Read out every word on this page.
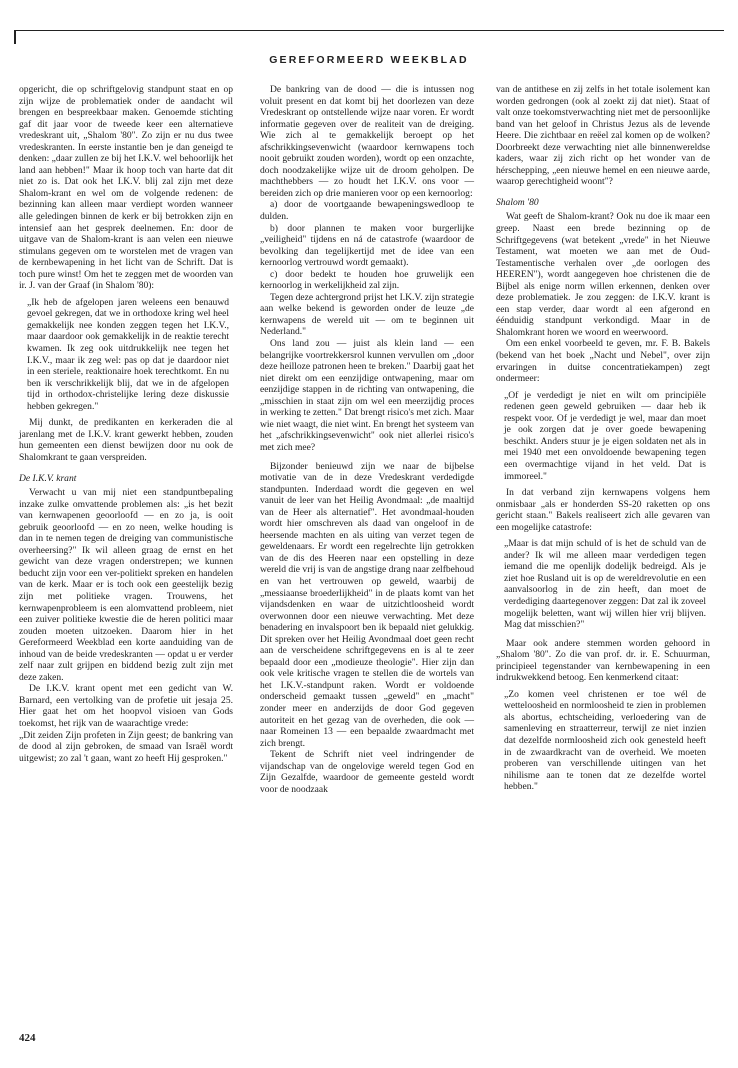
GEREFORMEERD WEEKBLAD

opgericht, die op schriftgelovig standpunt staat en op zijn wijze de problematiek onder de aandacht wil brengen en bespreekbaar maken. Genoemde stichting gaf dit jaar voor de tweede keer een alternatieve vredeskrant uit, „Shalom '80". Zo zijn er nu dus twee vredeskranten. In eerste instantie ben je dan geneigd te denken: „daar zullen ze bij het I.K.V. wel behoorlijk het land aan hebben!" Maar ik hoop toch van harte dat dit niet zo is. Dat ook het I.K.V. blij zal zijn met deze Shalom-krant en wel om de volgende redenen: de bezinning kan alleen maar verdiept worden wanneer alle geledingen binnen de kerk er bij betrokken zijn en intensief aan het gesprek deelnemen. En: door de uitgave van de Shalom-krant is aan velen een nieuwe stimulans gegeven om te worstelen met de vragen van de kernbewapening in het licht van de Schrift. Dat is toch pure winst! Om het te zeggen met de woorden van ir. J. van der Graaf (in Shalom '80):

„Ik heb de afgelopen jaren weleens een benauwd gevoel gekregen, dat we in orthodoxe kring wel heel gemakkelijk nee konden zeggen tegen het I.K.V., maar daardoor ook gemakkelijk in de reaktie terecht kwamen. Ik zeg ook uitdrukkelijk nee tegen het I.K.V., maar ik zeg wel: pas op dat je daardoor niet in een steriele, reaktionaire hoek terechtkomt. En nu ben ik verschrikkelijk blij, dat we in de afgelopen tijd in orthodox-christelijke lering deze diskussie hebben gekregen."

Mij dunkt, de predikanten en kerkeraden die al jarenlang met de I.K.V. krant gewerkt hebben, zouden hun gemeenten een dienst bewijzen door nu ook de Shalomkrant te gaan verspreiden.

De I.K.V. krant

Verwacht u van mij niet een standpuntbepaling inzake zulke omvattende problemen als: „is het bezit van kernwapenen geoorloofd — en zo ja, is ooit gebruik geoorloofd — en zo neen, welke houding is dan in te nemen tegen de dreiging van communistische overheersing?" Ik wil alleen graag de ernst en het gewicht van deze vragen onderstrepen; we kunnen beducht zijn voor een ver-politiekt spreken en handelen van de kerk. Maar er is toch ook een geestelijk bezig zijn met politieke vragen. Trouwens, het kernwapenprobleem is een alomvattend probleem, niet een zuiver politieke kwestie die de heren politici maar zouden moeten uitzoeken. Daarom hier in het Gereformeerd Weekblad een korte aanduiding van de inhoud van de beide vredeskranten — opdat u er verder zelf naar zult grijpen en biddend bezig zult zijn met deze zaken.

De I.K.V. krant opent met een gedicht van W. Barnard, een vertolking van de profetie uit jesaja 25. Hier gaat het om het hoopvol visioen van Gods toekomst, het rijk van de waarachtige vrede:

„Dit zeiden Zijn profeten in Zijn geest; de bankring van de dood al zijn gebroken, de smaad van Israël wordt uitgewist; zo zal 't gaan, want zo heeft Hij gesproken."

De bankring van de dood — die is intussen nog voluit present en dat komt bij het doorlezen van deze Vredeskrant op ontstellende wijze naar voren. Er wordt informatie gegeven over de realiteit van de dreiging. Wie zich al te gemakkelijk beroept op het afschrikkingsevenwicht (waardoor kernwapens toch nooit gebruikt zouden worden), wordt op een onzachte, doch noodzakelijke wijze uit de droom geholpen. De machthebbers — zo houdt het I.K.V. ons voor — bereiden zich op drie manieren voor op een kernoorlog:

a) door de voortgaande bewapeningswedloop te dulden.

b) door plannen te maken voor burgerlijke „veiligheid" tijdens en ná de catastrofe (waardoor de bevolking dan tegelijkertijd met de idee van een kernoorlog vertrouwd wordt gemaakt).

c) door bedekt te houden hoe gruwelijk een kernoorlog in werkelijkheid zal zijn.

Tegen deze achtergrond prijst het I.K.V. zijn strategie aan welke bekend is geworden onder de leuze „de kernwapens de wereld uit — om te beginnen uit Nederland."

Ons land zou — juist als klein land — een belangrijke voortrekkersrol kunnen vervullen om „door deze heilloze patronen heen te breken." Daarbij gaat het niet direkt om een eenzijdige ontwapening, maar om eenzijdige stappen in de richting van ontwapening, die „misschien in staat zijn om wel een meerzijdig proces in werking te zetten." Dat brengt risico's met zich. Maar wie niet waagt, die niet wint. En brengt het systeem van het „afschrikkingsevenwicht" ook niet allerlei risico's met zich mee?

Bijzonder benieuwd zijn we naar de bijbelse motivatie van de in deze Vredeskrant verdedigde standpunten. Inderdaad wordt die gegeven en wel vanuit de leer van het Heilig Avondmaal: „de maaltijd van de Heer als alternatief". Het avondmaal-houden wordt hier omschreven als daad van ongeloof in de heersende machten en als uiting van verzet tegen de geweldenaars. Er wordt een regelrechte lijn getrokken van de dis des Heeren naar een opstelling in deze wereld die vrij is van de angstige drang naar zelfbehoud en van het vertrouwen op geweld, waarbij de „messiaanse broederlijkheid" in de plaats komt van het vijandsdenken en waar de uitzichtloosheid wordt overwonnen door een nieuwe verwachting. Met deze benadering en invalspoort ben ik bepaald niet gelukkig. Dit spreken over het Heilig Avondmaal doet geen recht aan de verscheidene schriftgegevens en is al te zeer bepaald door een „modieuze theologie". Hier zijn dan ook vele kritische vragen te stellen die de wortels van het I.K.V.-standpunt raken. Wordt er voldoende onderscheid gemaakt tussen „geweld" en „macht" zonder meer en anderzijds de door God gegeven autoriteit en het gezag van de overheden, die ook — naar Romeinen 13 — een bepaalde zwaardmacht met zich brengt.

Tekent de Schrift niet veel indringender de vijandschap van de ongelovige wereld tegen God en Zijn Gezalfde, waardoor de gemeente gesteld wordt voor de noodzaak

van de antithese en zij zelfs in het totale isolement kan worden gedrongen (ook al zoekt zij dat niet). Staat of valt onze toekomstverwachting niet met de persoonlijke band van het geloof in Christus Jezus als de levende Heere. Die zichtbaar en reëel zal komen op de wolken? Doorbreekt deze verwachting niet alle binnenwereldse kaders, waar zij zich richt op het wonder van de hérschepping, „een nieuwe hemel en een nieuwe aarde, waarop gerechtigheid woont"?

Shalom '80

Wat geeft de Shalom-krant? Ook nu doe ik maar een greep. Naast een brede bezinning op de Schriftgegevens (wat betekent „vrede" in het Nieuwe Testament, wat moeten we aan met de Oud-Testamentische verhalen over „de oorlogen des HEEREN"), wordt aangegeven hoe christenen die de Bijbel als enige norm willen erkennen, denken over deze problematiek. Je zou zeggen: de I.K.V. krant is een stap verder, daar wordt al een afgerond en éénduidig standpunt verkondigd. Maar in de Shalomkrant horen we woord en weerwoord.

Om een enkel voorbeeld te geven, mr. F. B. Bakels (bekend van het boek „Nacht und Nebel", over zijn ervaringen in duitse concentratiekampen) zegt ondermeer:

„Of je verdedigt je niet en wilt om principiële redenen geen geweld gebruiken — daar heb ik respekt voor. Of je verdedigt je wel, maar dan moet je ook zorgen dat je over goede bewapening beschikt. Anders stuur je je eigen soldaten net als in mei 1940 met een onvoldoende bewapening tegen een overmachtige vijand in het veld. Dat is immoreel."

In dat verband zijn kernwapens volgens hem onmisbaar „als er honderden SS-20 raketten op ons gericht staan." Bakels realiseert zich alle gevaren van een mogelijke catastrofe:

„Maar is dat mijn schuld of is het de schuld van de ander? Ik wil me alleen maar verdedigen tegen iemand die me openlijk dodelijk bedreigd. Als je ziet hoe Rusland uit is op de wereldrevolutie en een aanvalsoorlog in de zin heeft, dan moet de verdediging daartegenover zeggen: Dat zal ik zoveel mogelijk beletten, want wij willen hier vrij blijven. Mag dat misschien?"

Maar ook andere stemmen worden gehoord in „Shalom '80". Zo die van prof. dr. ir. E. Schuurman, principieel tegenstander van kernbewapening in een indrukwekkend betoog. Een kenmerkend citaat:

„Zo komen veel christenen er toe wél de wetteloosheid en normloosheid te zien in problemen als abortus, echtscheiding, verloedering van de samenleving en straatterreur, terwijl ze niet inzien dat dezelfde normloosheid zich ook genesteld heeft in de zwaardkracht van de overheid. We moeten proberen van verschillende uitingen van het nihilisme aan te tonen dat ze dezelfde wortel hebben."

424
